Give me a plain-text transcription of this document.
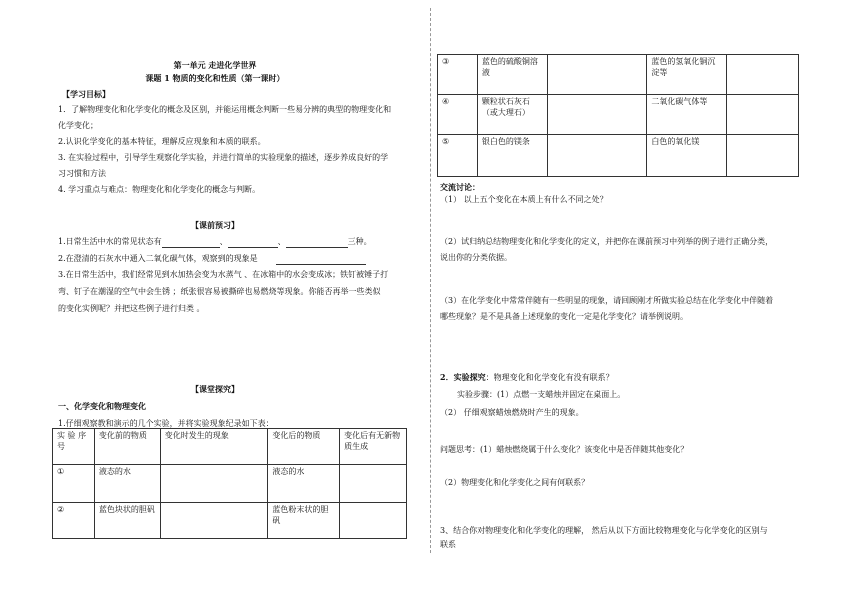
第一单元 走进化学世界
课题 1 物质的变化和性质（第一课时）
【学习目标】
1．了解物理变化和化学变化的概念及区别，并能运用概念判断一些易分辨的典型的物理变化和
化学变化；
2.认识化学变化的基本特征，理解反应现象和本质的联系。
3. 在实验过程中，引导学生观察化学实验，并进行简单的实验现象的描述，逐步养成良好的学
习习惯和方法
4. 学习重点与难点：物理变化和化学变化的概念与判断。
【课前预习】
1.日常生活中水的常见状态有	、	、	三种。
2.在澄清的石灰水中通入二氧化碳气体，观察到的现象是
3.在日常生活中，我们经常见到水加热会变为水蒸气 、在冰箱中的水会变成冰；铁钉被锤子打
弯、钉子在潮湿的空气中会生锈 ；纸张很容易被撕碎也易燃烧等现象。你能否再举一些类似
的变化实例呢？并把这些例子进行归类 。
【课堂探究】
一、化学变化和物理变化
1.仔细观察教和演示的几个实验，并将实验现象纪录如下表：
实 验 序号	变化前的物质	变化时发生的现象	变化后的物质	变化后有无新物质生成
①	液态的水		液态的水	
②	蓝色块状的胆矾		蓝色粉末状的胆矾	
③	蓝色的硫酸铜溶液		蓝色的氢氧化铜沉淀等	
④	颗粒状石灰石（或大理石）		二氧化碳气体等	
⑤	银白色的镁条		白色的氧化镁	
交流讨论：
（1） 以上五个变化在本质上有什么不同之处？
（2）试归纳总结物理变化和化学变化的定义，并把你在课前预习中列举的例子进行正确分类，
说出你的分类依据。
（3）在化学变化中常常伴随有一些明显的现象，请回顾刚才所做实验总结在化学变化中伴随着
哪些现象？是不是具备上述现象的变化一定是化学变化？请举例说明。
2．实验探究：物理变化和化学变化有没有联系？
实验步骤：(1）点燃一支蜡烛并固定在桌面上。
（2） 仔细观察蜡烛燃烧时产生的现象。
问题思考：(1）蜡烛燃烧属于什么变化？该变化中是否伴随其他变化？
（2）物理变化和化学变化之间有何联系？
3、结合你对物理变化和化学变化的理解， 然后从以下方面比较物理变化与化学变化的区别与
联系
